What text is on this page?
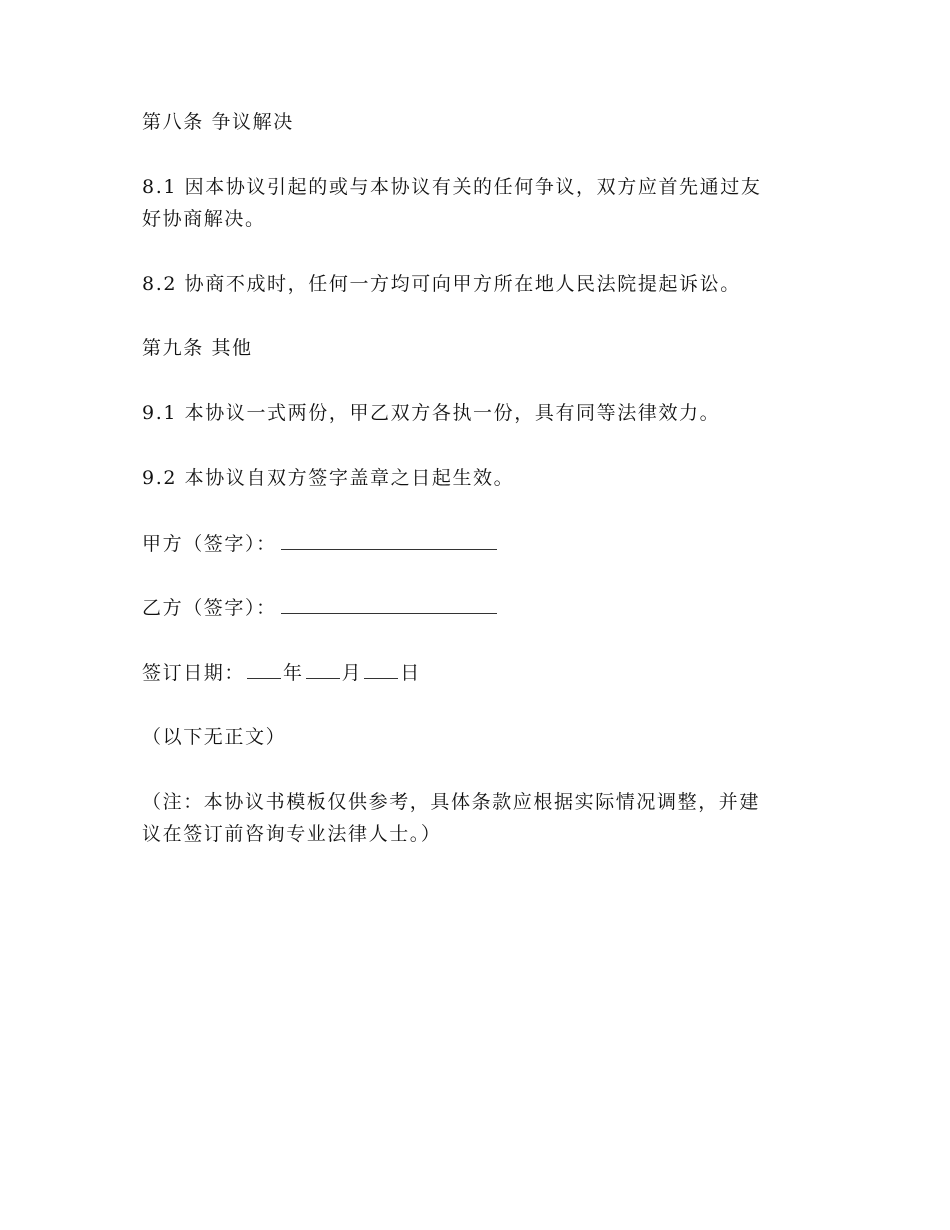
第八条 争议解决

8.1 因本协议引起的或与本协议有关的任何争议，双方应首先通过友

好协商解决。

8.2 协商不成时，任何一方均可向甲方所在地人民法院提起诉讼。

第九条 其他

9.1 本协议一式两份，甲乙双方各执一份，具有同等法律效力。

9.2 本协议自双方签字盖章之日起生效。

甲方（签字）：

乙方（签字）：

签订日期： 年 月 日

（以下无正文）

（注：本协议书模板仅供参考，具体条款应根据实际情况调整，并建

议在签订前咨询专业法律人士。）
